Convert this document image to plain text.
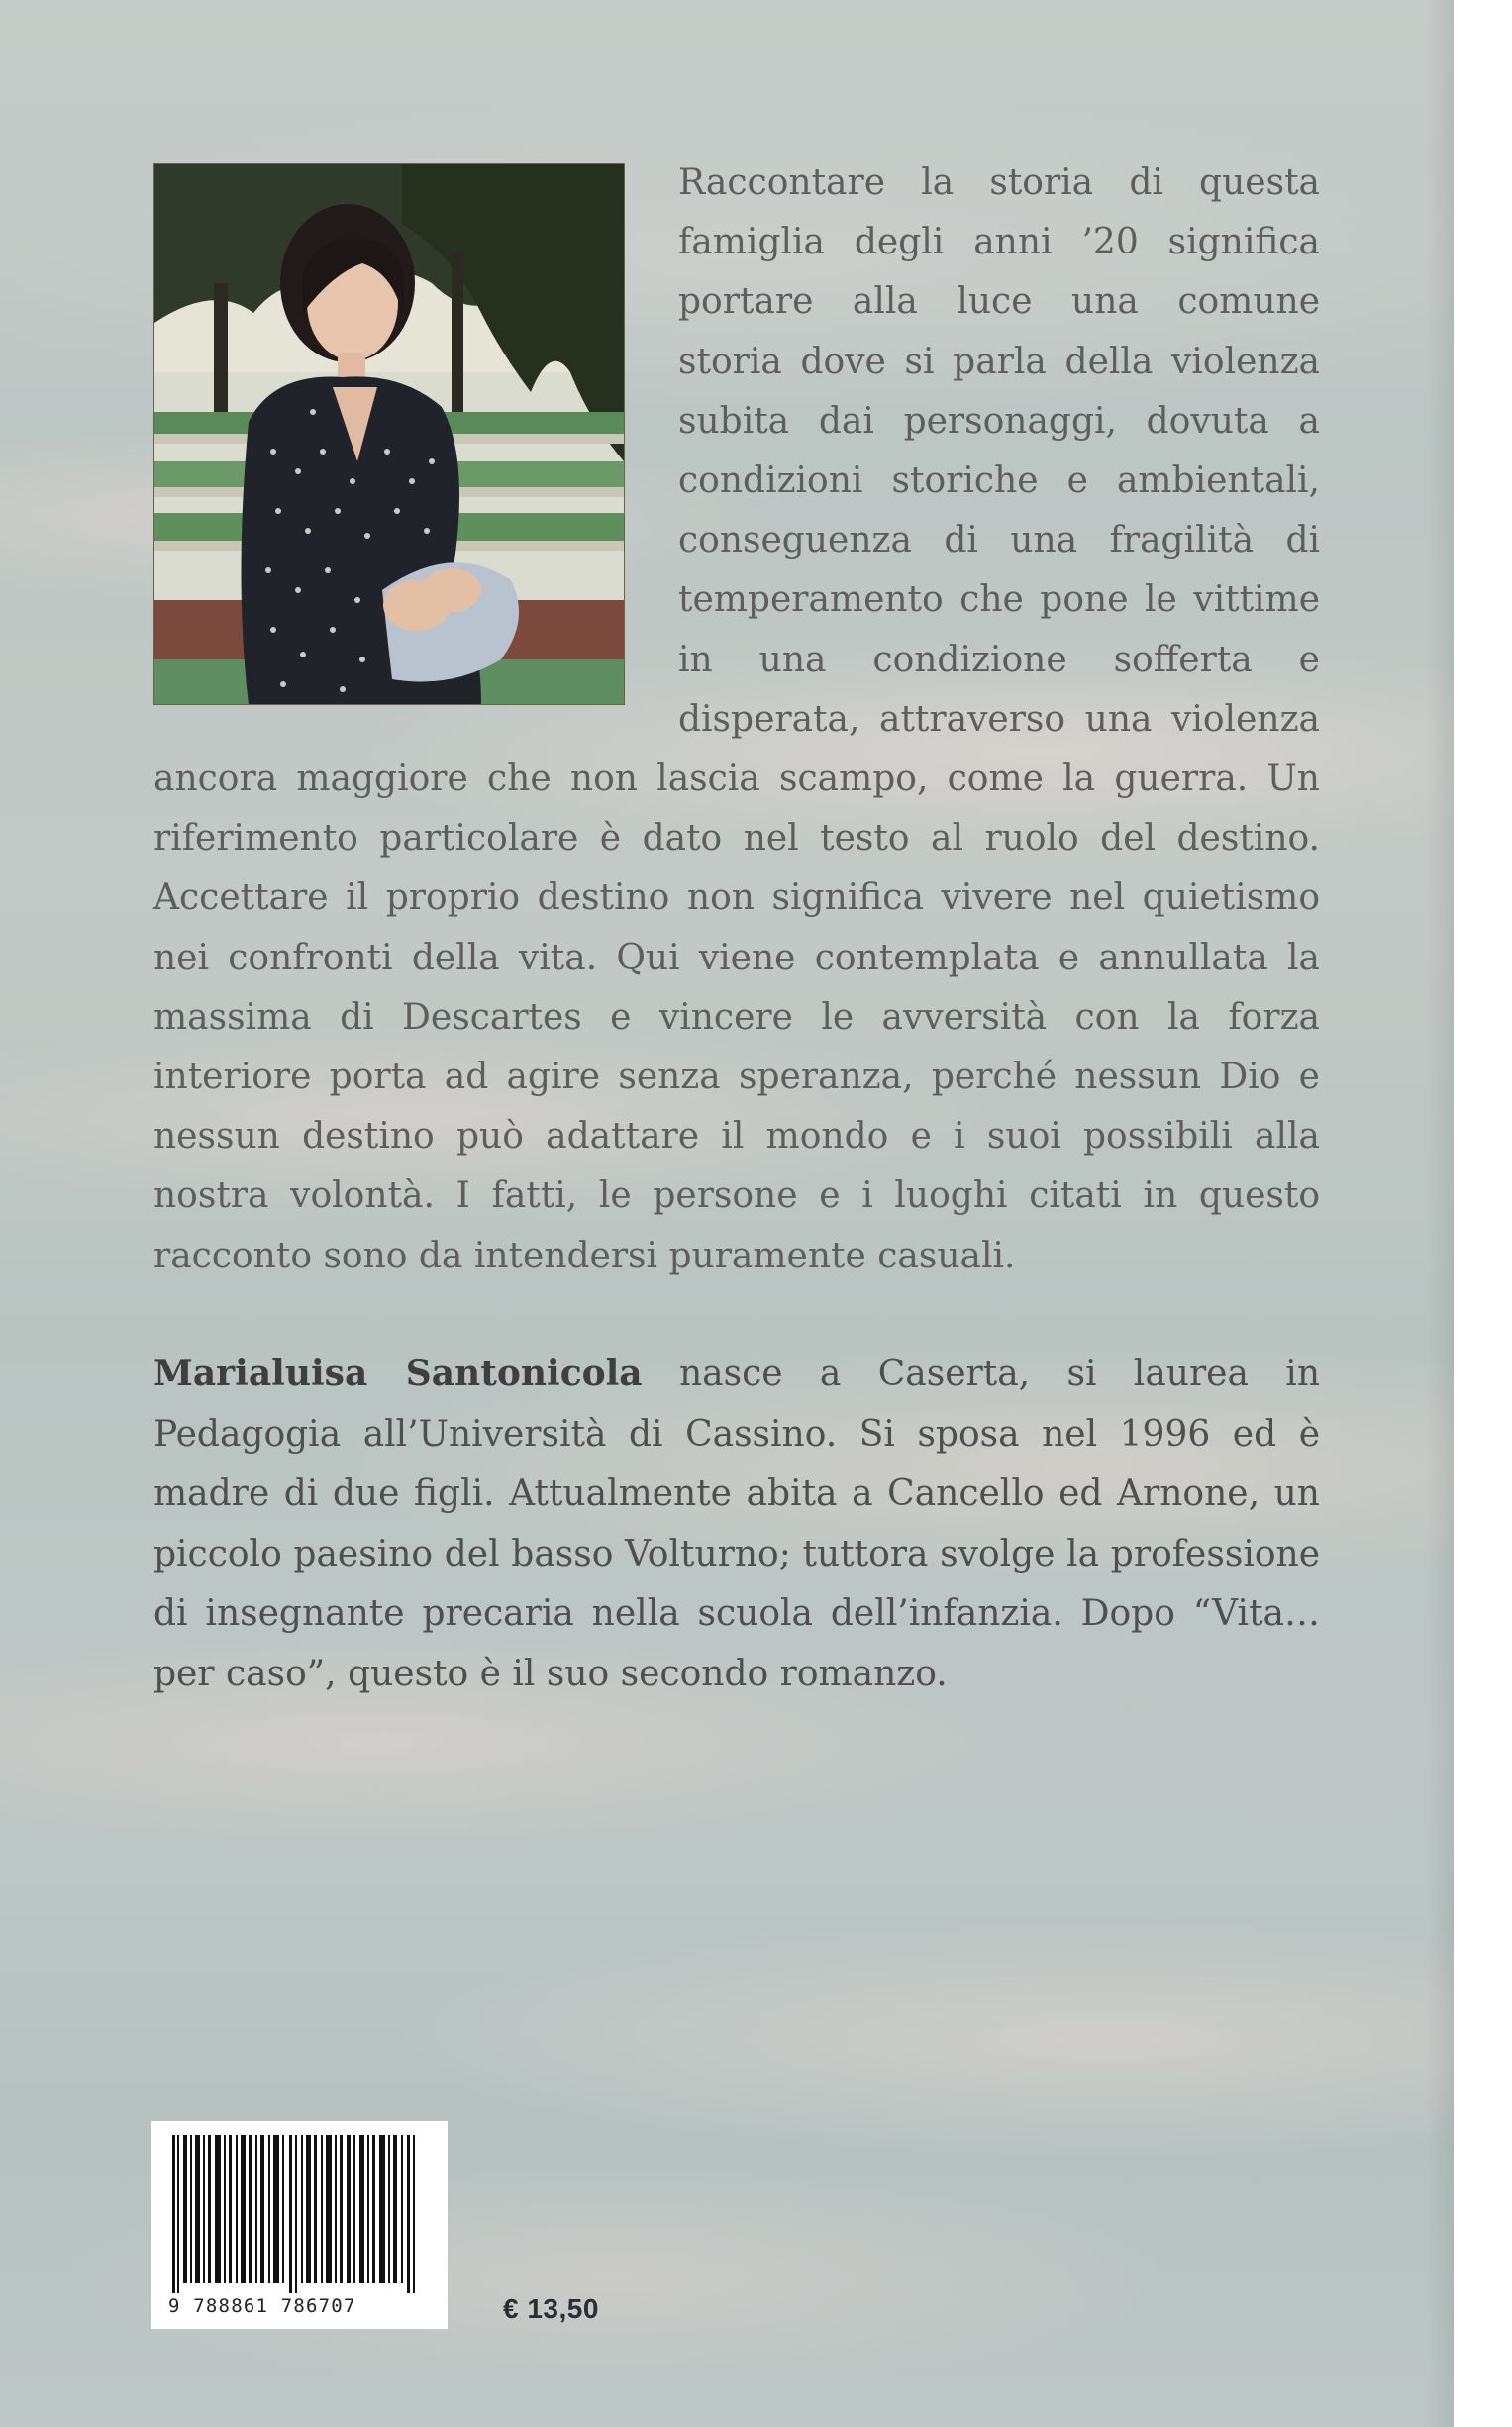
Raccontare la storia di questa famiglia degli anni ’20 significa portare alla luce una comune storia dove si parla della violenza subita dai personaggi, dovuta a condizioni storiche e ambientali, conseguenza di una fragilità di temperamento che pone le vittime in una condizione sofferta e disperata, attraverso una violenza ancora maggiore che non lascia scampo, come la guerra. Un riferimento particolare è dato nel testo al ruolo del destino. Accettare il proprio destino non significa vivere nel quietismo nei confronti della vita. Qui viene contemplata e annullata la massima di Descartes e vincere le avversità con la forza interiore porta ad agire senza speranza, perché nessun Dio e nessun destino può adattare il mondo e i suoi possibili alla nostra volontà. I fatti, le persone e i luoghi citati in questo racconto sono da intendersi puramente casuali.

Marialuisa Santonicola nasce a Caserta, si laurea in Pedagogia all’Università di Cassino. Si sposa nel 1996 ed è madre di due figli. Attualmente abita a Cancello ed Arnone, un piccolo paesino del basso Volturno; tuttora svolge la professione di insegnante precaria nella scuola dell’infanzia. Dopo “Vita… per caso”, questo è il suo secondo romanzo.

9 788861 786707	€ 13,50
